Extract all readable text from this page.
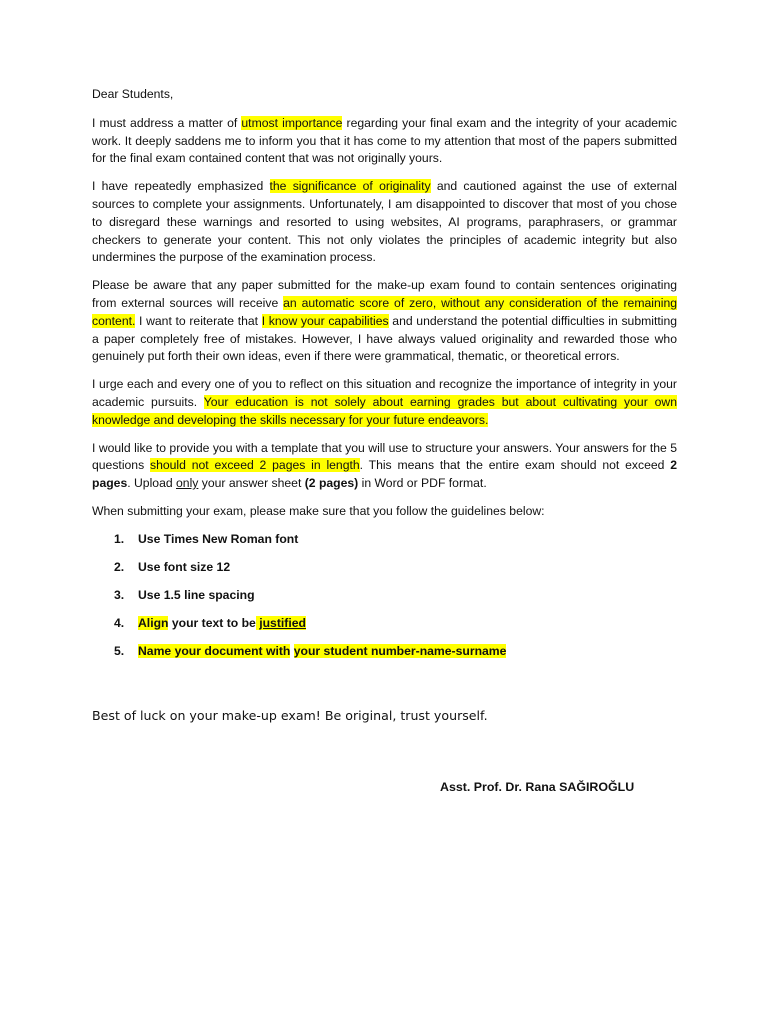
Dear Students,

I must address a matter of utmost importance regarding your final exam and the integrity of your academic work. It deeply saddens me to inform you that it has come to my attention that most of the papers submitted for the final exam contained content that was not originally yours.

I have repeatedly emphasized the significance of originality and cautioned against the use of external sources to complete your assignments. Unfortunately, I am disappointed to discover that most of you chose to disregard these warnings and resorted to using websites, AI programs, paraphrasers, or grammar checkers to generate your content. This not only violates the principles of academic integrity but also undermines the purpose of the examination process.

Please be aware that any paper submitted for the make-up exam found to contain sentences originating from external sources will receive an automatic score of zero, without any consideration of the remaining content. I want to reiterate that I know your capabilities and understand the potential difficulties in submitting a paper completely free of mistakes. However, I have always valued originality and rewarded those who genuinely put forth their own ideas, even if there were grammatical, thematic, or theoretical errors.

I urge each and every one of you to reflect on this situation and recognize the importance of integrity in your academic pursuits. Your education is not solely about earning grades but about cultivating your own knowledge and developing the skills necessary for your future endeavors.

I would like to provide you with a template that you will use to structure your answers. Your answers for the 5 questions should not exceed 2 pages in length. This means that the entire exam should not exceed 2 pages. Upload only your answer sheet (2 pages) in Word or PDF format.

When submitting your exam, please make sure that you follow the guidelines below:

1. Use Times New Roman font
2. Use font size 12
3. Use 1.5 line spacing
4. Align your text to be justified
5. Name your document with your student number-name-surname
Best of luck on your make-up exam! Be original, trust yourself.
Asst. Prof. Dr. Rana SAĞIROĞLU
